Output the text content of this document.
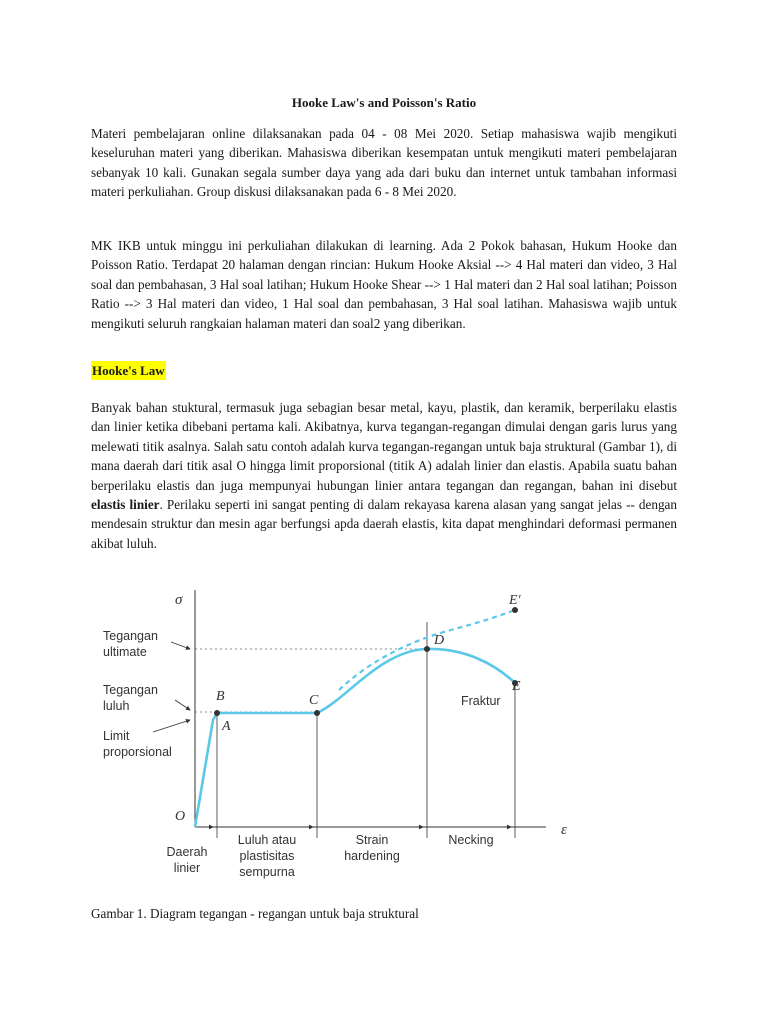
Hooke Law's and Poisson's Ratio

Materi pembelajaran online dilaksanakan pada 04 - 08 Mei 2020. Setiap mahasiswa wajib mengikuti keseluruhan materi yang diberikan. Mahasiswa diberikan kesempatan untuk mengikuti materi pembelajaran sebanyak 10 kali. Gunakan segala sumber daya yang ada dari buku dan internet untuk tambahan informasi materi perkuliahan. Group diskusi dilaksanakan pada 6 - 8 Mei 2020.

MK IKB untuk minggu ini perkuliahan dilakukan di learning. Ada 2 Pokok bahasan, Hukum Hooke dan Poisson Ratio. Terdapat 20 halaman dengan rincian: Hukum Hooke Aksial --> 4 Hal materi dan video, 3 Hal soal dan pembahasan, 3 Hal soal latihan; Hukum Hooke Shear --> 1 Hal materi dan 2 Hal soal latihan; Poisson Ratio --> 3 Hal materi dan video, 1 Hal soal dan pembahasan, 3 Hal soal latihan. Mahasiswa wajib untuk mengikuti seluruh rangkaian halaman materi dan soal2 yang diberikan.

Hooke's Law

Banyak bahan stuktural, termasuk juga sebagian besar metal, kayu, plastik, dan keramik, berperilaku elastis dan linier ketika dibebani pertama kali. Akibatnya, kurva tegangan-regangan dimulai dengan garis lurus yang melewati titik asalnya. Salah satu contoh adalah kurva tegangan-regangan untuk baja struktural (Gambar 1), di mana daerah dari titik asal O hingga limit proporsional (titik A) adalah linier dan elastis. Apabila suatu bahan berperilaku elastis dan juga mempunyai hubungan linier antara tegangan dan regangan, bahan ini disebut elastis linier. Perilaku seperti ini sangat penting di dalam rekayasa karena alasan yang sangat jelas -- dengan mendesain struktur dan mesin agar berfungsi apda daerah elastis, kita dapat menghindari deformasi permanen akibat luluh.

σ
ε
Tegangan
ultimate
Tegangan
luluh
Limit
proporsional
O
A
B	C
D
E
E′
Fraktur
Daerah
linier
Luluh atau
plastisitas
sempurna
Strain
hardening
Necking
Gambar 1. Diagram tegangan - regangan untuk baja struktural
